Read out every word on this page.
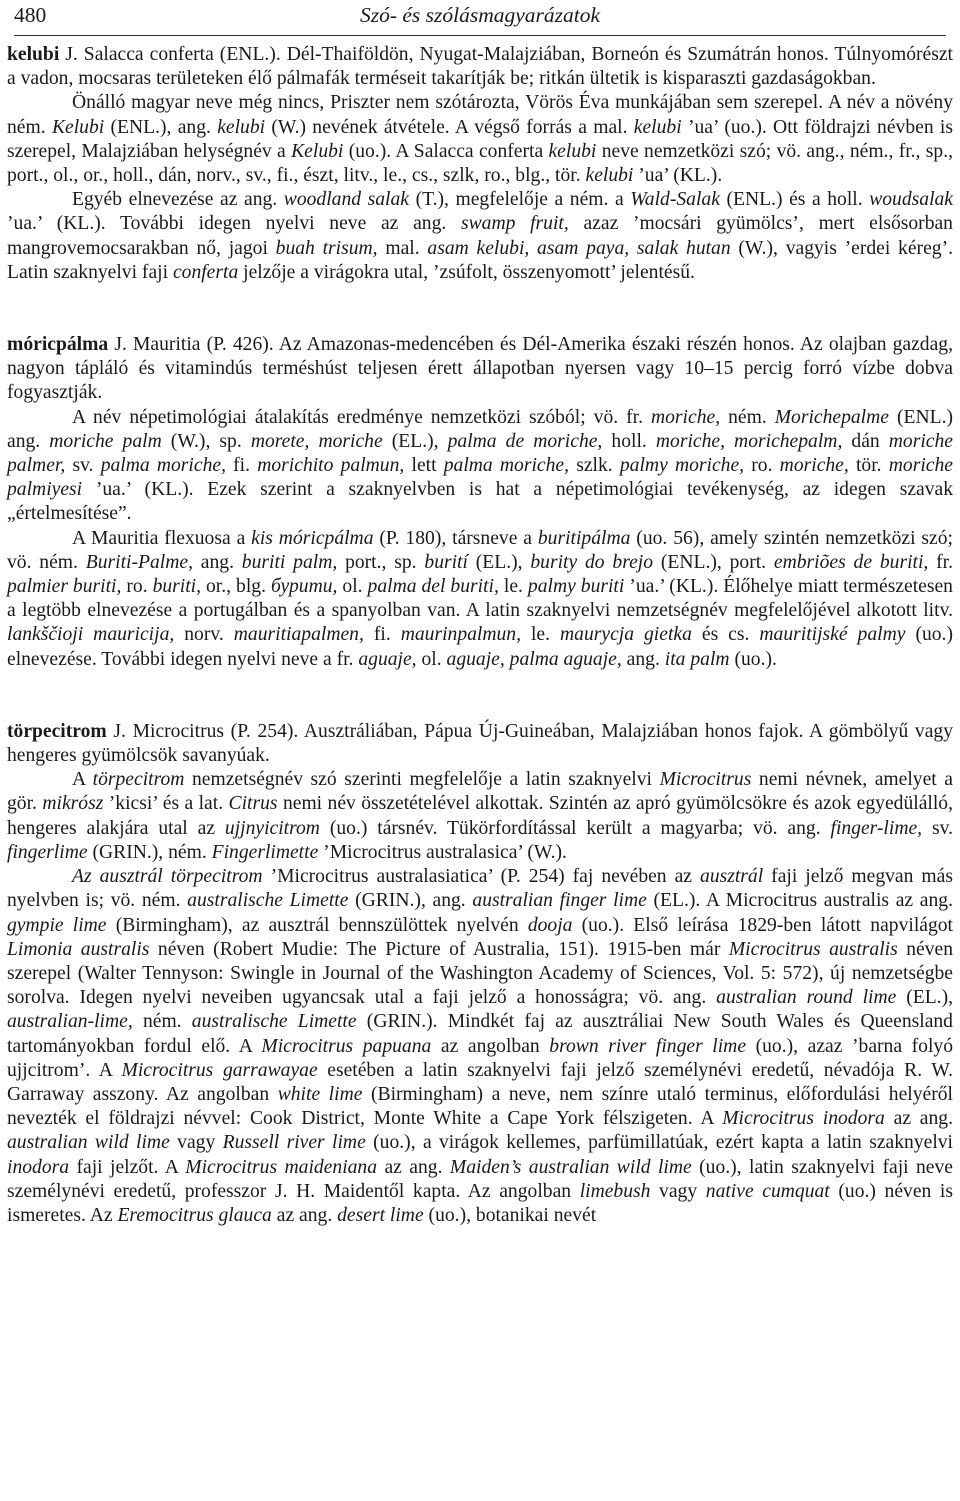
480	Szó- és szólásmagyarázatok

kelubi J. Salacca conferta (ENL.). Dél-Thaiföldön, Nyugat-Malajziában, Borneón és Szumátrán honos. Túlnyomórészt a vadon, mocsaras területeken élő pálmafák terméseit takarítják be; ritkán ültetik is kisparaszti gazdaságokban.

Önálló magyar neve még nincs, Priszter nem szótározta, Vörös Éva munkájában sem szerepel. A név a növény ném. Kelubi (ENL.), ang. kelubi (W.) nevének átvétele. A végső forrás a mal. kelubi ’ua’ (uo.). Ott földrajzi névben is szerepel, Malajziában helységnév a Kelubi (uo.). A Salacca conferta kelubi neve nemzetközi szó; vö. ang., ném., fr., sp., port., ol., or., holl., dán, norv., sv., fi., észt, litv., le., cs., szlk, ro., blg., tör. kelubi ’ua’ (KL.).

Egyéb elnevezése az ang. woodland salak (T.), megfelelője a ném. a Wald-Salak (ENL.) és a holl. woudsalak ’ua.’ (KL.). További idegen nyelvi neve az ang. swamp fruit, azaz ’mocsári gyümölcs’, mert elsősorban mangrovemocsarakban nő, jagoi buah trisum, mal. asam kelubi, asam paya, salak hutan (W.), vagyis ’erdei kéreg’. Latin szaknyelvi faji conferta jelzője a virágokra utal, ’zsúfolt, összenyomott’ jelentésű.

móricpálma J. Mauritia (P. 426). Az Amazonas-medencében és Dél-Amerika északi részén honos. Az olajban gazdag, nagyon tápláló és vitamindús terméshúst teljesen érett állapotban nyersen vagy 10–15 percig forró vízbe dobva fogyasztják.

A név népetimológiai átalakítás eredménye nemzetközi szóból; vö. fr. moriche, ném. Morichepalme (ENL.) ang. moriche palm (W.), sp. morete, moriche (EL.), palma de moriche, holl. moriche, morichepalm, dán moriche palmer, sv. palma moriche, fi. morichito palmun, lett palma moriche, szlk. palmy moriche, ro. moriche, tör. moriche palmiyesi ’ua.’ (KL.). Ezek szerint a szaknyelvben is hat a népetimológiai tevékenység, az idegen szavak „értelmesítése”.

A Mauritia flexuosa a kis móricpálma (P. 180), társneve a buritipálma (uo. 56), amely szintén nemzetközi szó; vö. ném. Buriti-Palme, ang. buriti palm, port., sp. burití (EL.), burity do brejo (ENL.), port. embriões de buriti, fr. palmier buriti, ro. buriti, or., blg. бурити, ol. palma del buriti, le. palmy buriti ’ua.’ (KL.). Élőhelye miatt természetesen a legtöbb elnevezése a portugálban és a spanyolban van. A latin szaknyelvi nemzetségnév megfelelőjével alkotott litv. lankščioji mauricija, norv. mauritiapalmen, fi. maurinpalmun, le. maurycja gietka és cs. mauritijské palmy (uo.) elnevezése. További idegen nyelvi neve a fr. aguaje, ol. aguaje, palma aguaje, ang. ita palm (uo.).

törpecitrom J. Microcitrus (P. 254). Ausztráliában, Pápua Új-Guineában, Malajziában honos fajok. A gömbölyű vagy hengeres gyümölcsök savanyúak.

A törpecitrom nemzetségnév szó szerinti megfelelője a latin szaknyelvi Microcitrus nemi névnek, amelyet a gör. mikrósz ’kicsi’ és a lat. Citrus nemi név összetételével alkottak. Szintén az apró gyümölcsökre és azok egyedülálló, hengeres alakjára utal az ujjnyicitrom (uo.) társnév. Tükörfordítással került a magyarba; vö. ang. finger-lime, sv. fingerlime (GRIN.), ném. Fingerlimette ’Microcitrus australasica’ (W.).

Az ausztrál törpecitrom ’Microcitrus australasiatica’ (P. 254) faj nevében az ausztrál faji jelző megvan más nyelvben is; vö. ném. australische Limette (GRIN.), ang. australian finger lime (EL.). A Microcitrus australis az ang. gympie lime (Birmingham), az ausztrál bennszülöttek nyelvén dooja (uo.). Első leírása 1829-ben látott napvilágot Limonia australis néven (Robert Mudie: The Picture of Australia, 151). 1915-ben már Microcitrus australis néven szerepel (Walter Tennyson: Swingle in Journal of the Washington Academy of Sciences, Vol. 5: 572), új nemzetségbe sorolva. Idegen nyelvi neveiben ugyancsak utal a faji jelző a honosságra; vö. ang. australian round lime (EL.), australian-lime, ném. australische Limette (GRIN.). Mindkét faj az ausztráliai New South Wales és Queensland tartományokban fordul elő. A Microcitrus papuana az angolban brown river finger lime (uo.), azaz ’barna folyó ujjcitrom’. A Microcitrus garrawayae esetében a latin szaknyelvi faji jelző személynévi eredetű, névadója R. W. Garraway asszony. Az angolban white lime (Birmingham) a neve, nem színre utaló terminus, előfordulási helyéről nevezték el földrajzi névvel: Cook District, Monte White a Cape York félszigeten. A Microcitrus inodora az ang. australian wild lime vagy Russell river lime (uo.), a virágok kellemes, parfümillatúak, ezért kapta a latin szaknyelvi inodora faji jelzőt. A Microcitrus maideniana az ang. Maiden’s australian wild lime (uo.), latin szaknyelvi faji neve személynévi eredetű, professzor J. H. Maidentől kapta. Az angolban limebush vagy native cumquat (uo.) néven is ismeretes. Az Eremocitrus glauca az ang. desert lime (uo.), botanikai nevét
